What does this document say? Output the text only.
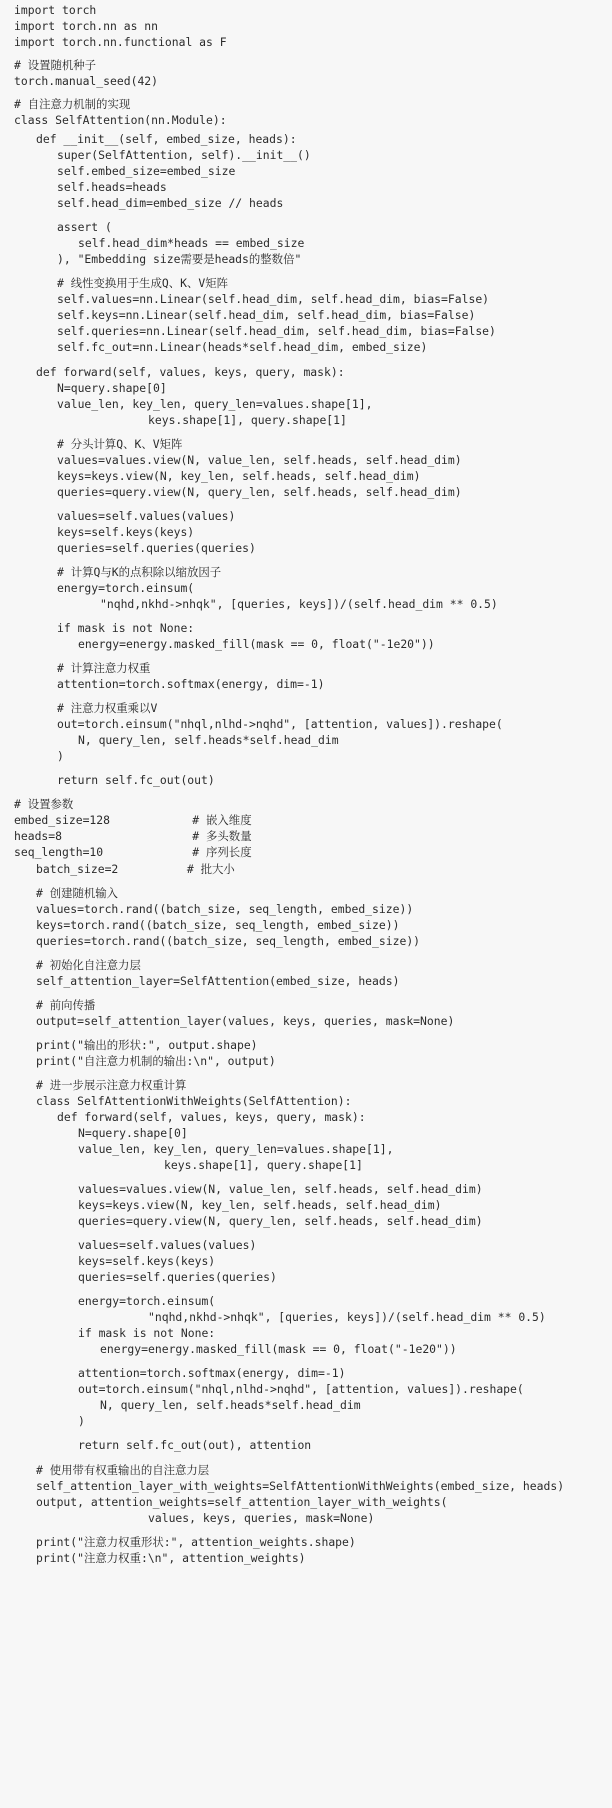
import torch
import torch.nn as nn
import torch.nn.functional as F
# 设置随机种子
torch.manual_seed(42)
# 自注意力机制的实现
class SelfAttention(nn.Module):
def __init__(self, embed_size, heads):
super(SelfAttention, self).__init__()
self.embed_size=embed_size
self.heads=heads
self.head_dim=embed_size // heads
assert (
self.head_dim*heads == embed_size
), "Embedding size需要是heads的整数倍"
# 线性变换用于生成Q、K、V矩阵
self.values=nn.Linear(self.head_dim, self.head_dim, bias=False)
self.keys=nn.Linear(self.head_dim, self.head_dim, bias=False)
self.queries=nn.Linear(self.head_dim, self.head_dim, bias=False)
self.fc_out=nn.Linear(heads*self.head_dim, embed_size)
def forward(self, values, keys, query, mask):
N=query.shape[0]
value_len, key_len, query_len=values.shape[1],
keys.shape[1], query.shape[1]
# 分头计算Q、K、V矩阵
values=values.view(N, value_len, self.heads, self.head_dim)
keys=keys.view(N, key_len, self.heads, self.head_dim)
queries=query.view(N, query_len, self.heads, self.head_dim)
values=self.values(values)
keys=self.keys(keys)
queries=self.queries(queries)
# 计算Q与K的点积除以缩放因子
energy=torch.einsum(
"nqhd,nkhd->nhqk", [queries, keys])/(self.head_dim ** 0.5)
if mask is not None:
energy=energy.masked_fill(mask == 0, float("-1e20"))
# 计算注意力权重
attention=torch.softmax(energy, dim=-1)
# 注意力权重乘以V
out=torch.einsum("nhql,nlhd->nqhd", [attention, values]).reshape(
N, query_len, self.heads*self.head_dim
)
return self.fc_out(out)
# 设置参数
embed_size=128            # 嵌入维度
heads=8                   # 多头数量
seq_length=10             # 序列长度
batch_size=2          # 批大小
# 创建随机输入
values=torch.rand((batch_size, seq_length, embed_size))
keys=torch.rand((batch_size, seq_length, embed_size))
queries=torch.rand((batch_size, seq_length, embed_size))
# 初始化自注意力层
self_attention_layer=SelfAttention(embed_size, heads)
# 前向传播
output=self_attention_layer(values, keys, queries, mask=None)
print("输出的形状:", output.shape)
print("自注意力机制的输出:\n", output)
# 进一步展示注意力权重计算
class SelfAttentionWithWeights(SelfAttention):
def forward(self, values, keys, query, mask):
N=query.shape[0]
value_len, key_len, query_len=values.shape[1],
keys.shape[1], query.shape[1]
values=values.view(N, value_len, self.heads, self.head_dim)
keys=keys.view(N, key_len, self.heads, self.head_dim)
queries=query.view(N, query_len, self.heads, self.head_dim)
values=self.values(values)
keys=self.keys(keys)
queries=self.queries(queries)
energy=torch.einsum(
"nqhd,nkhd->nhqk", [queries, keys])/(self.head_dim ** 0.5)
if mask is not None:
energy=energy.masked_fill(mask == 0, float("-1e20"))
attention=torch.softmax(energy, dim=-1)
out=torch.einsum("nhql,nlhd->nqhd", [attention, values]).reshape(
N, query_len, self.heads*self.head_dim
)
return self.fc_out(out), attention
# 使用带有权重输出的自注意力层
self_attention_layer_with_weights=SelfAttentionWithWeights(embed_size, heads)
output, attention_weights=self_attention_layer_with_weights(
values, keys, queries, mask=None)
print("注意力权重形状:", attention_weights.shape)
print("注意力权重:\n", attention_weights)
